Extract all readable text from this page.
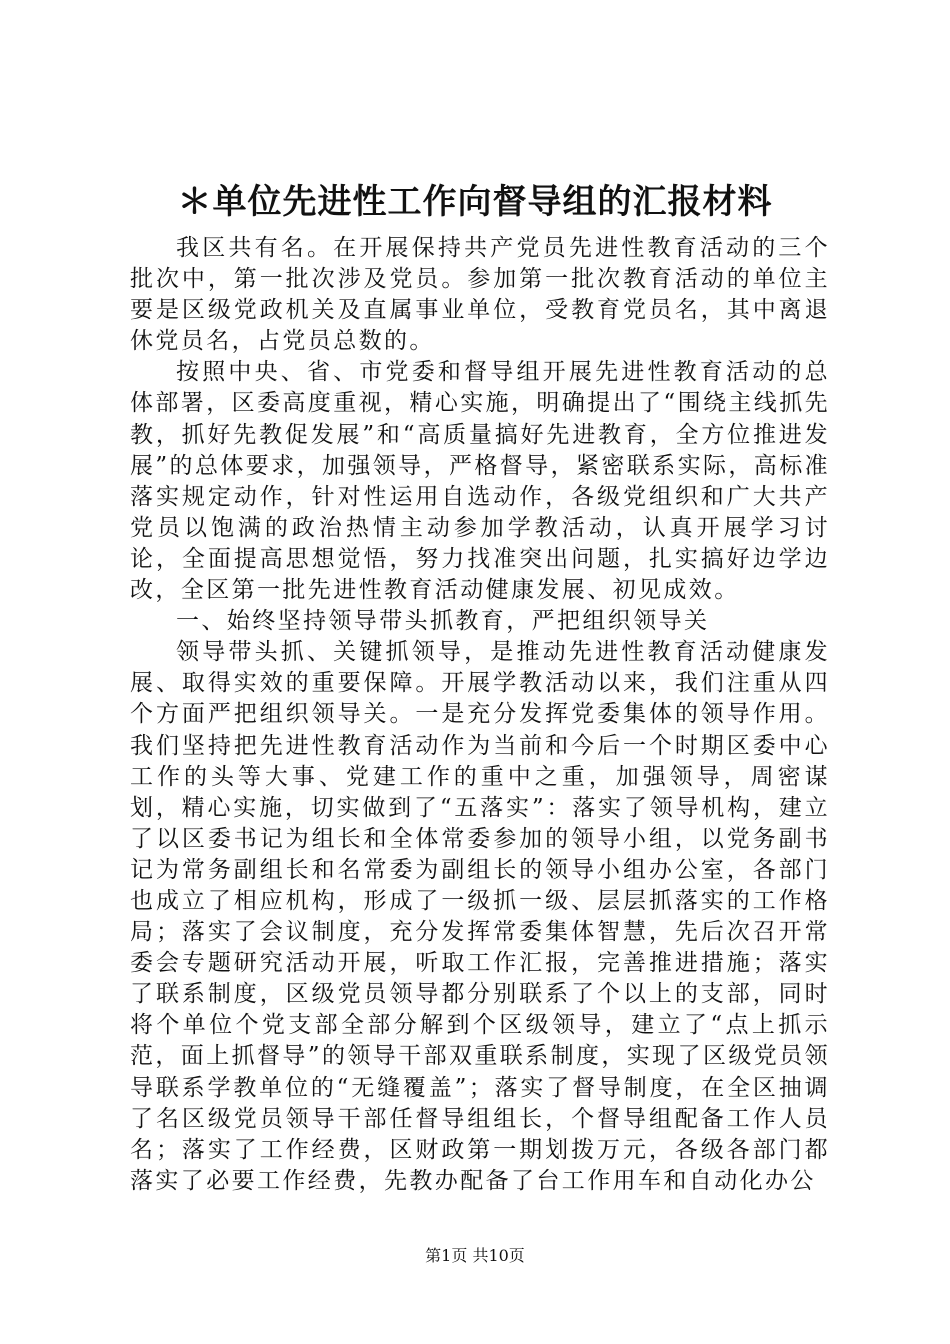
＊单位先进性工作向督导组的汇报材料

我区共有名。在开展保持共产党员先进性教育活动的三个批次中，第一批次涉及党员。参加第一批次教育活动的单位主要是区级党政机关及直属事业单位，受教育党员名，其中离退休党员名，占党员总数的。

按照中央、省、市党委和督导组开展先进性教育活动的总体部署，区委高度重视，精心实施，明确提出了“围绕主线抓先教，抓好先教促发展”和“高质量搞好先进教育，全方位推进发展”的总体要求，加强领导，严格督导，紧密联系实际，高标准落实规定动作，针对性运用自选动作，各级党组织和广大共产党员以饱满的政治热情主动参加学教活动，认真开展学习讨论，全面提高思想觉悟，努力找准突出问题，扎实搞好边学边改，全区第一批先进性教育活动健康发展、初见成效。

一、始终坚持领导带头抓教育，严把组织领导关

领导带头抓、关键抓领导，是推动先进性教育活动健康发展、取得实效的重要保障。开展学教活动以来，我们注重从四个方面严把组织领导关。一是充分发挥党委集体的领导作用。我们坚持把先进性教育活动作为当前和今后一个时期区委中心工作的头等大事、党建工作的重中之重，加强领导，周密谋划，精心实施，切实做到了“五落实”：落实了领导机构，建立了以区委书记为组长和全体常委参加的领导小组，以党务副书记为常务副组长和名常委为副组长的领导小组办公室，各部门也成立了相应机构，形成了一级抓一级、层层抓落实的工作格局；落实了会议制度，充分发挥常委集体智慧，先后次召开常委会专题研究活动开展，听取工作汇报，完善推进措施；落实了联系制度，区级党员领导都分别联系了个以上的支部，同时将个单位个党支部全部分解到个区级领导，建立了“点上抓示范，面上抓督导”的领导干部双重联系制度，实现了区级党员领导联系学教单位的“无缝覆盖”；落实了督导制度，在全区抽调了名区级党员领导干部任督导组组长，个督导组配备工作人员名；落实了工作经费，区财政第一期划拨万元，各级各部门都落实了必要工作经费，先教办配备了台工作用车和自动化办公

第1页 共10页
